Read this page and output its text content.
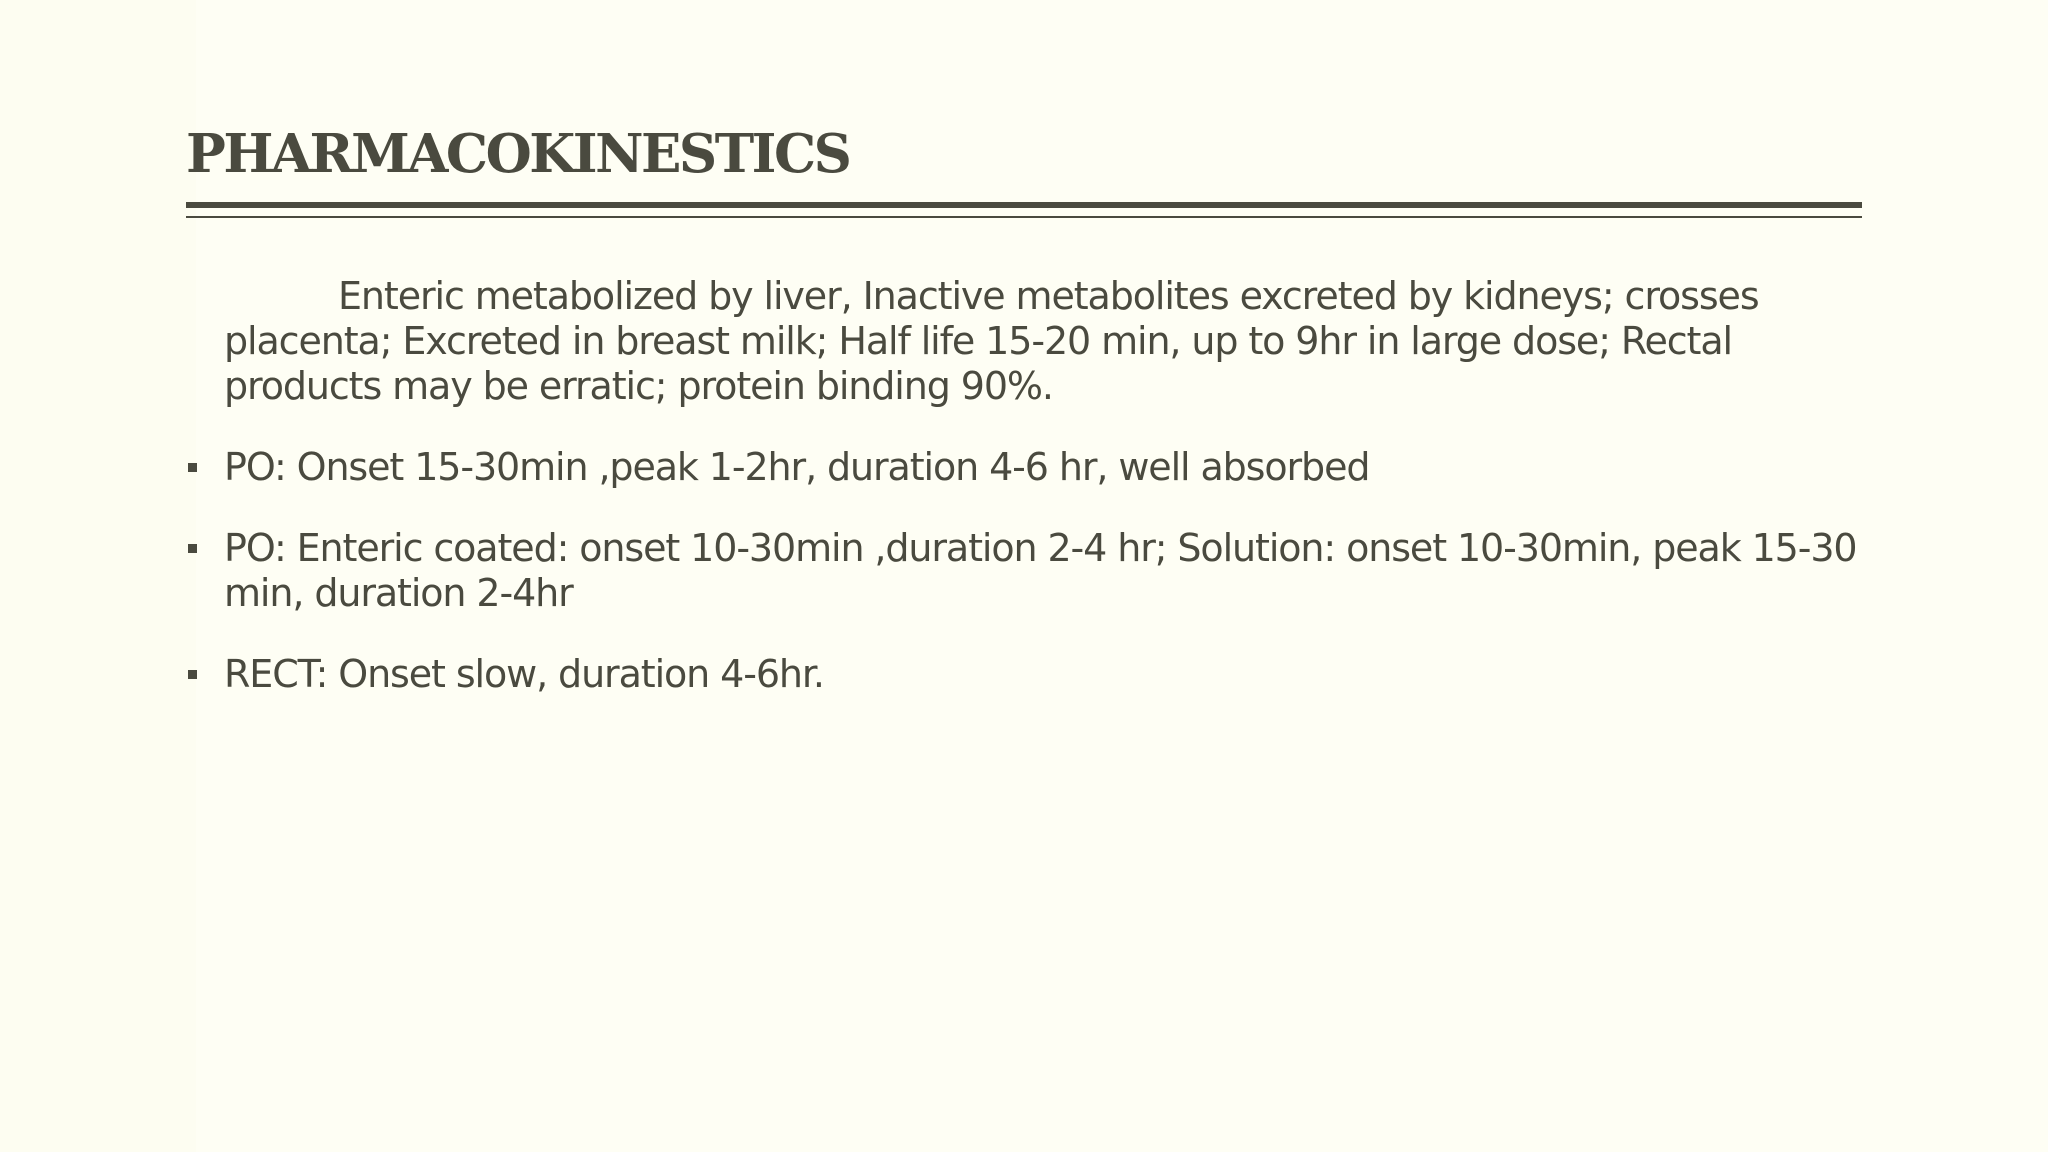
PHARMACOKINESTICS

Enteric metabolized by liver, Inactive metabolites excreted by kidneys; crosses placenta; Excreted in breast milk; Half life 15-20 min, up to 9hr in large dose; Rectal products may be erratic; protein binding 90%.

PO: Onset 15-30min ,peak 1-2hr, duration 4-6 hr, well absorbed
PO: Enteric coated: onset 10-30min ,duration 2-4 hr; Solution: onset 10-30min, peak 15-30 min, duration 2-4hr
RECT: Onset slow, duration 4-6hr.
